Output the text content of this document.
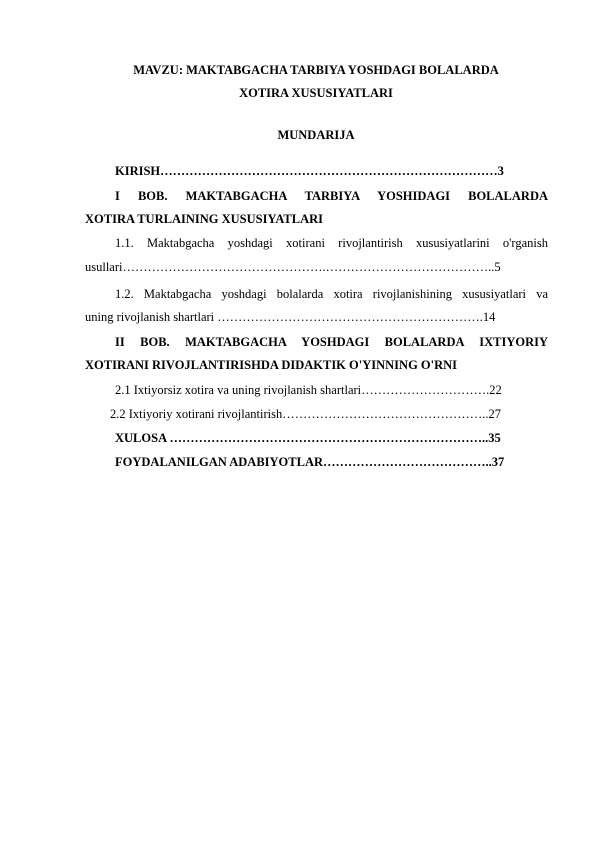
MAVZU: MAKTABGACHA TARBIYA YOSHDAGI BOLALARDA
XOTIRA XUSUSIYATLARI
MUNDARIJA
KIRISH………………………………………………………………………3
I BOB. MAKTABGACHA TARBIYA YOSHIDAGI BOLALARDA
XOTIRA TURLAINING XUSUSIYATLARI
1.1. Maktabgacha yoshdagi xotirani rivojlantirish xususiyatlarini o'rganish
usullari………………………………………….…………………………………..5
1.2. Maktabgacha yoshdagi bolalarda xotira rivojlanishining xususiyatlari va
uning rivojlanish shartlari ……………………………………………………….14
II BOB. MAKTABGACHA YOSHDAGI BOLALARDA IXTIYORIY
XOTIRANI RIVOJLANTIRISHDA DIDAKTIK O'YINNING O'RNI
2.1 Ixtiyorsiz xotira va uning rivojlanish shartlari………………………….22
2.2 Ixtiyoriy xotirani rivojlantirish…………………………………………..27
XULOSA …………………………………………………………………..35
FOYDALANILGAN ADABIYOTLAR…………………………………..37
